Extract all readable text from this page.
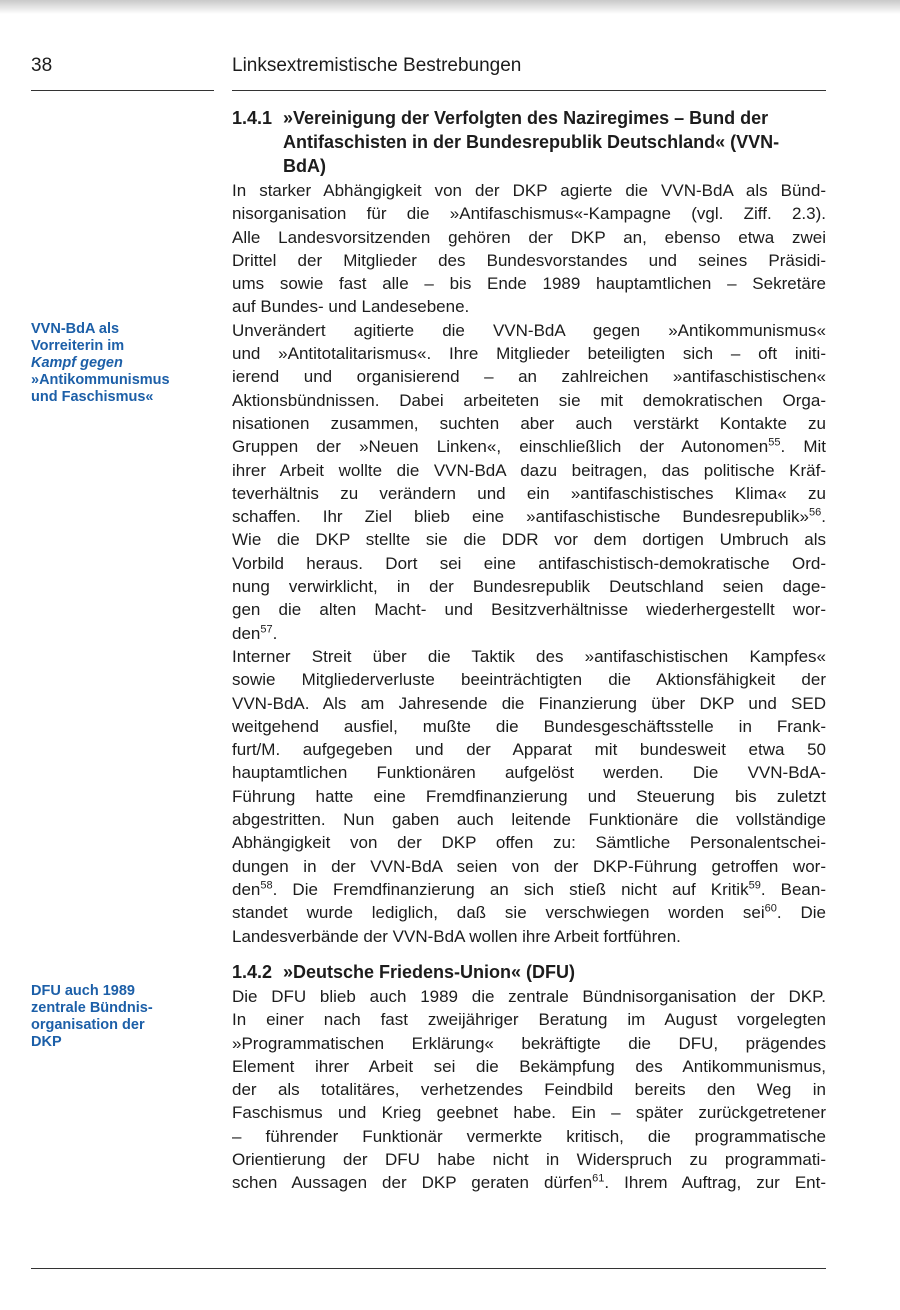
38	Linksextremistische Bestrebungen
1.4.1 »Vereinigung der Verfolgten des Naziregimes – Bund der
Antifaschisten in der Bundesrepublik Deutschland« (VVN-
BdA)
VVN-BdA als
Vorreiterin im
Kampf gegen
»Antikommunismus
und Faschismus«
In starker Abhängigkeit von der DKP agierte die VVN-BdA als Bünd-
nisorganisation für die »Antifaschismus«-Kampagne (vgl. Ziff. 2.3).
Alle Landesvorsitzenden gehören der DKP an, ebenso etwa zwei
Drittel der Mitglieder des Bundesvorstandes und seines Präsidi-
ums sowie fast alle – bis Ende 1989 hauptamtlichen – Sekretäre
auf Bundes- und Landesebene.
Unverändert agitierte die VVN-BdA gegen »Antikommunismus«
und »Antitotalitarismus«. Ihre Mitglieder beteiligten sich – oft initi-
ierend und organisierend – an zahlreichen »antifaschistischen«
Aktionsbündnissen. Dabei arbeiteten sie mit demokratischen Orga-
nisationen zusammen, suchten aber auch verstärkt Kontakte zu
Gruppen der »Neuen Linken«, einschließlich der Autonomen$^{55}$. Mit
ihrer Arbeit wollte die VVN-BdA dazu beitragen, das politische Kräf-
teverhältnis zu verändern und ein »antifaschistisches Klima« zu
schaffen. Ihr Ziel blieb eine »antifaschistische Bundesrepublik»$^{56}$.
Wie die DKP stellte sie die DDR vor dem dortigen Umbruch als
Vorbild heraus. Dort sei eine antifaschistisch-demokratische Ord-
nung verwirklicht, in der Bundesrepublik Deutschland seien dage-
gen die alten Macht- und Besitzverhältnisse wiederhergestellt wor-
den$^{57}$.
Interner Streit über die Taktik des »antifaschistischen Kampfes«
sowie Mitgliederverluste beeinträchtigten die Aktionsfähigkeit der
VVN-BdA. Als am Jahresende die Finanzierung über DKP und SED
weitgehend ausfiel, mußte die Bundesgeschäftsstelle in Frank-
furt/M. aufgegeben und der Apparat mit bundesweit etwa 50
hauptamtlichen Funktionären aufgelöst werden. Die VVN-BdA-
Führung hatte eine Fremdfinanzierung und Steuerung bis zuletzt
abgestritten. Nun gaben auch leitende Funktionäre die vollständige
Abhängigkeit von der DKP offen zu: Sämtliche Personalentschei-
dungen in der VVN-BdA seien von der DKP-Führung getroffen wor-
den$^{58}$. Die Fremdfinanzierung an sich stieß nicht auf Kritik$^{59}$. Bean-
standet wurde lediglich, daß sie verschwiegen worden sei$^{60}$. Die
Landesverbände der VVN-BdA wollen ihre Arbeit fortführen.
1.4.2 »Deutsche Friedens-Union« (DFU)
DFU auch 1989
zentrale Bündnis-
organisation der
DKP
Die DFU blieb auch 1989 die zentrale Bündnisorganisation der DKP.
In einer nach fast zweijähriger Beratung im August vorgelegten
»Programmatischen Erklärung« bekräftigte die DFU, prägendes
Element ihrer Arbeit sei die Bekämpfung des Antikommunismus,
der als totalitäres, verhetzendes Feindbild bereits den Weg in
Faschismus und Krieg geebnet habe. Ein – später zurückgetretener
– führender Funktionär vermerkte kritisch, die programmatische
Orientierung der DFU habe nicht in Widerspruch zu programmati-
schen Aussagen der DKP geraten dürfen$^{61}$. Ihrem Auftrag, zur Ent-
